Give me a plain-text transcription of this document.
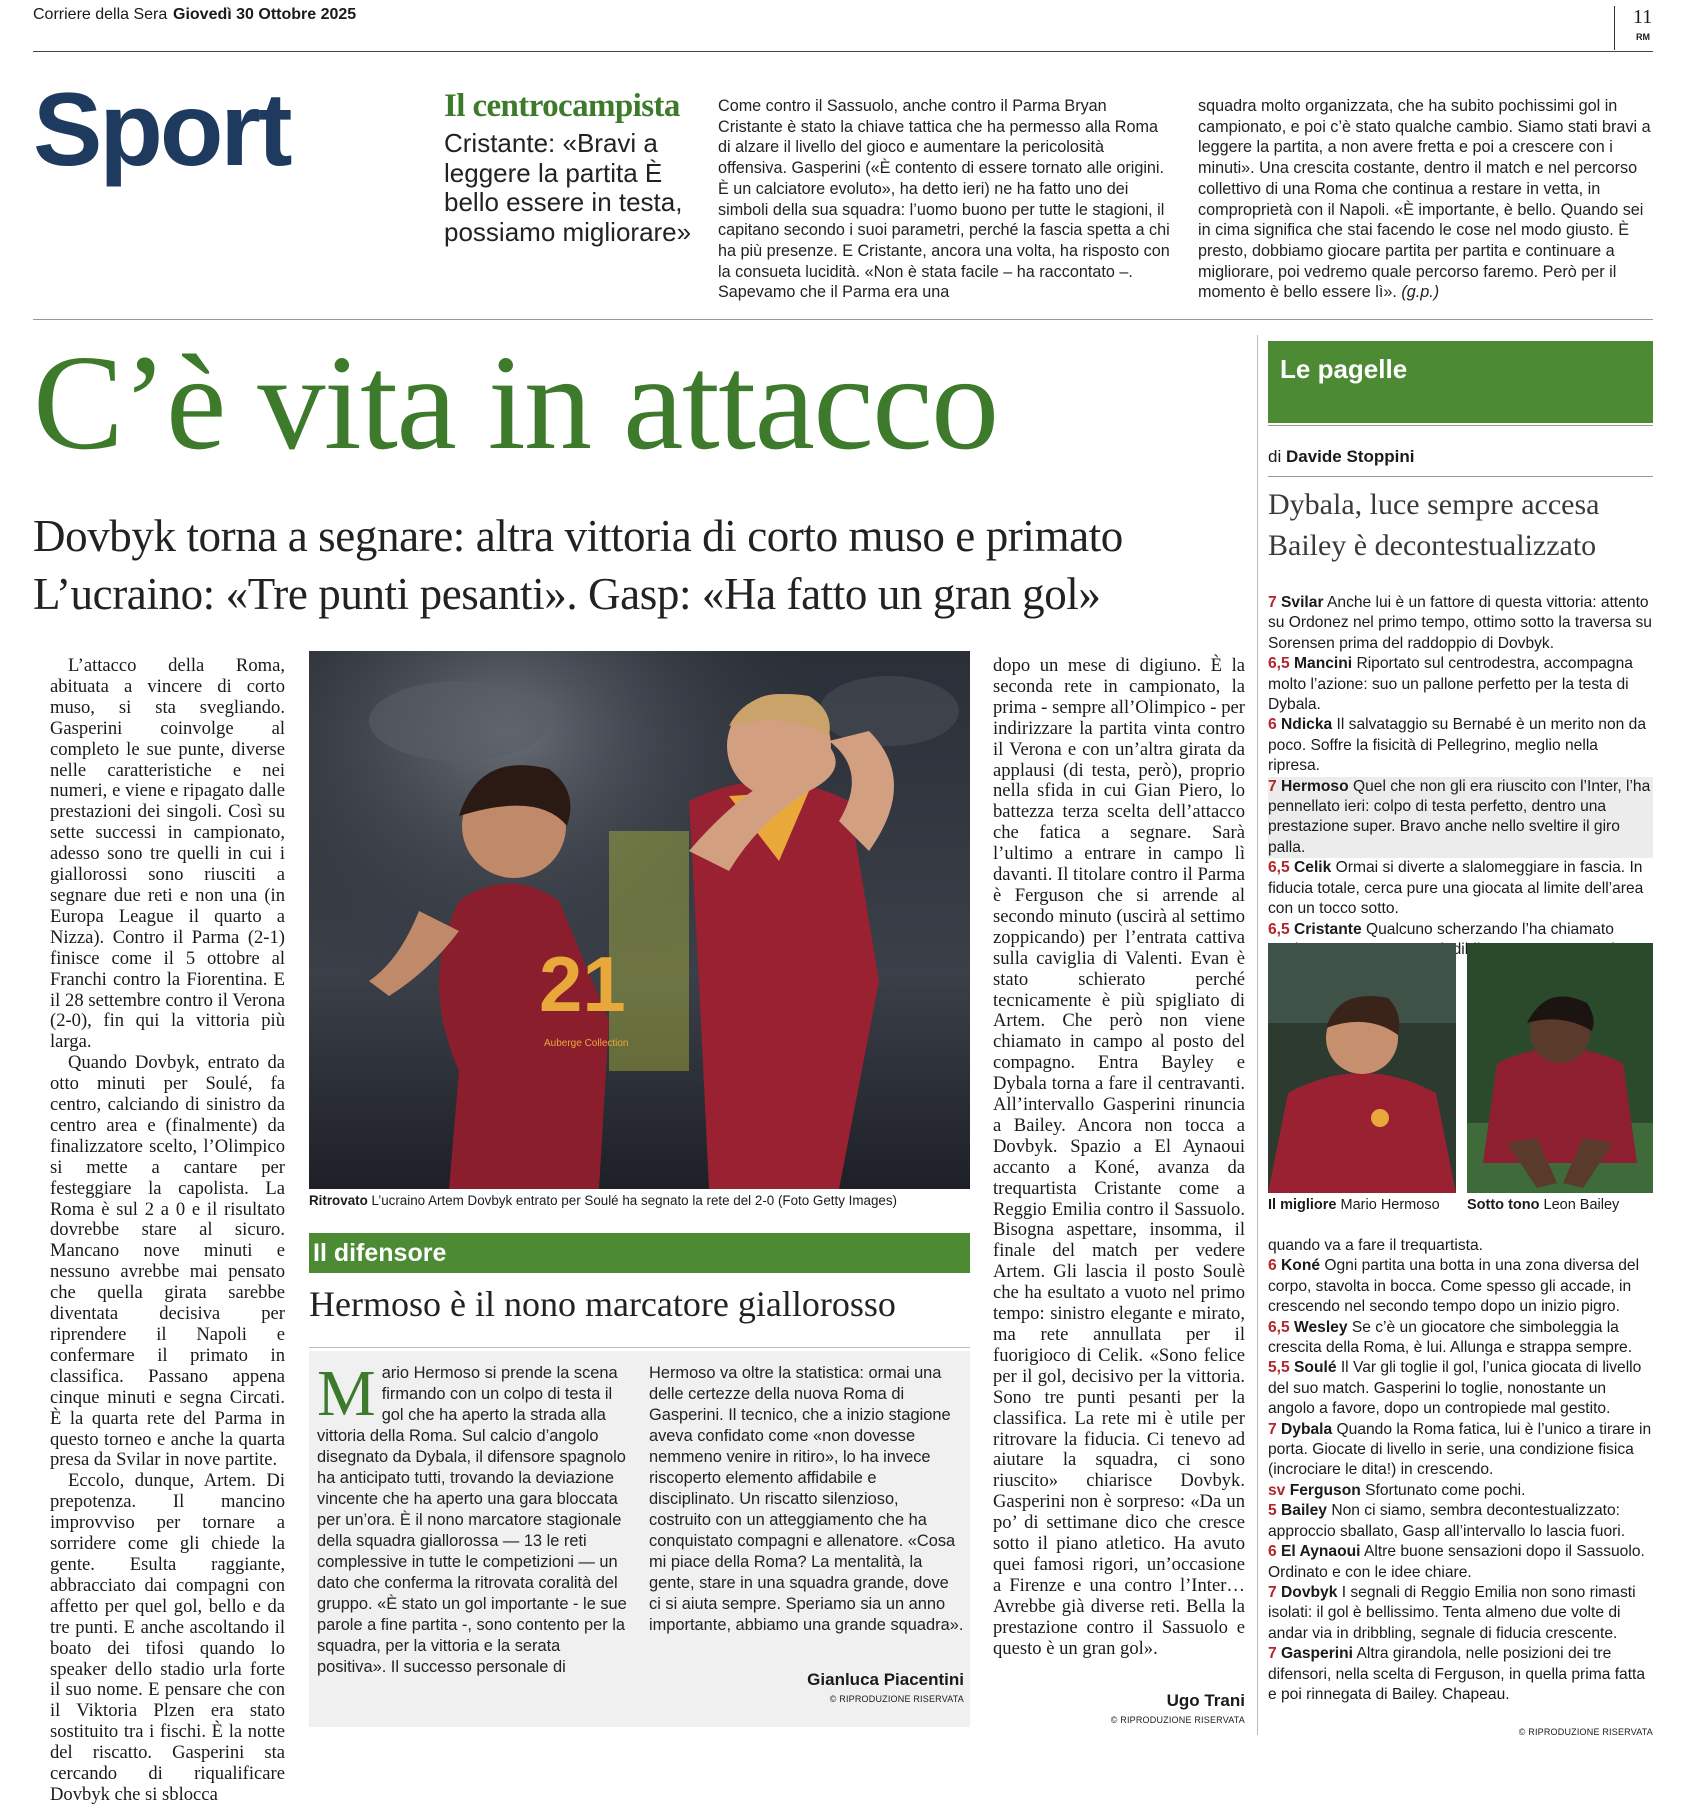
Corriere della Sera Giovedì 30 Ottobre 2025	11
RM
Sport	Il centrocampista
Cristante: «Bravi a leggere la partita È bello essere in testa, possiamo migliorare»
Come contro il Sassuolo, anche contro il Parma Bryan Cristante è stato la chiave tattica che ha permesso alla Roma di alzare il livello del gioco e aumentare la pericolosità offensiva. Gasperini («È contento di essere tornato alle origini. È un calciatore evoluto», ha detto ieri) ne ha fatto uno dei simboli della sua squadra: l’uomo buono per tutte le stagioni, il capitano secondo i suoi parametri, perché la fascia spetta a chi ha più presenze. E Cristante, ancora una volta, ha risposto con la consueta lucidità. «Non è stata facile – ha raccontato –. Sapevamo che il Parma era una
squadra molto organizzata, che ha subito pochissimi gol in campionato, e poi c’è stato qualche cambio. Siamo stati bravi a leggere la partita, a non avere fretta e poi a crescere con i minuti». Una crescita costante, dentro il match e nel percorso collettivo di una Roma che continua a restare in vetta, in comproprietà con il Napoli. «È importante, è bello. Quando sei in cima significa che stai facendo le cose nel modo giusto. È presto, dobbiamo giocare partita per partita e continuare a migliorare, poi vedremo quale percorso faremo. Però per il momento è bello essere lì». (g.p.)
C’è vita in attacco
Dovbyk torna a segnare: altra vittoria di corto muso e primato
L’ucraino: «Tre punti pesanti». Gasp: «Ha fatto un gran gol»

L’attacco della Roma, abituata a vincere di corto muso, si sta svegliando. Gasperini coinvolge al completo le sue punte, diverse nelle caratteristiche e nei numeri, e viene e ripagato dalle prestazioni dei singoli. Così su sette successi in campionato, adesso sono tre quelli in cui i giallorossi sono riusciti a segnare due reti e non una (in Europa League il quarto a Nizza). Contro il Parma (2-1) finisce come il 5 ottobre al Franchi contro la Fiorentina. E il 28 settembre contro il Verona (2-0), fin qui la vittoria più larga.

Quando Dovbyk, entrato da otto minuti per Soulé, fa centro, calciando di sinistro da centro area e (finalmente) da finalizzatore scelto, l’Olimpico si mette a cantare per festeggiare la capolista. La Roma è sul 2 a 0 e il risultato dovrebbe stare al sicuro. Mancano nove minuti e nessuno avrebbe mai pensato che quella girata sarebbe diventata decisiva per riprendere il Napoli e confermare il primato in classifica. Passano appena cinque minuti e segna Circati. È la quarta rete del Parma in questo torneo e anche la quarta presa da Svilar in nove partite.

Eccolo, dunque, Artem. Di prepotenza. Il mancino improvviso per tornare a sorridere come gli chiede la gente. Esulta raggiante, abbracciato dai compagni con affetto per quel gol, bello e da tre punti. E anche ascoltando il boato dei tifosi quando lo speaker dello stadio urla forte il suo nome. E pensare che con il Viktoria Plzen era stato sostituito tra i fischi. È la notte del riscatto. Gasperini sta cercando di riqualificare Dovbyk che si sblocca

21
Auberge Collection
Ritrovato L’ucraino Artem Dovbyk entrato per Soulé ha segnato la rete del 2-0 (Foto Getty Images)
Il difensore
Hermoso è il nono marcatore giallorosso
M ario Hermoso si prende la scena firmando con un colpo di testa il gol che ha aperto la strada alla vittoria della Roma. Sul calcio d’angolo disegnato da Dybala, il difensore spagnolo ha anticipato tutti, trovando la deviazione vincente che ha aperto una gara bloccata per un’ora. È il nono marcatore stagionale della squadra giallorossa — 13 le reti complessive in tutte le competizioni — un dato che conferma la ritrovata coralità del gruppo. «È stato un gol importante - le sue parole a fine partita -, sono contento per la squadra, per la vittoria e la serata positiva». Il successo personale di
Hermoso va oltre la statistica: ormai una delle certezze della nuova Roma di Gasperini. Il tecnico, che a inizio stagione aveva confidato come «non dovesse nemmeno venire in ritiro», lo ha invece riscoperto elemento affidabile e disciplinato. Un riscatto silenzioso, costruito con un atteggiamento che ha conquistato compagni e allenatore. «Cosa mi piace della Roma? La mentalità, la gente, stare in una squadra grande, dove ci si aiuta sempre. Speriamo sia un anno importante, abbiamo una grande squadra».
Gianluca Piacentini
© RIPRODUZIONE RISERVATA

dopo un mese di digiuno. È la seconda rete in campionato, la prima - sempre all’Olimpico - per indirizzare la partita vinta contro il Verona e con un’altra girata da applausi (di testa, però), proprio nella sfida in cui Gian Piero, lo battezza terza scelta dell’attacco che fatica a segnare. Sarà l’ultimo a entrare in campo lì davanti. Il titolare contro il Parma è Ferguson che si arrende al secondo minuto (uscirà al settimo zoppicando) per l’entrata cattiva sulla caviglia di Valenti. Evan è stato schierato perché tecnicamente è più spigliato di Artem. Che però non viene chiamato in campo al posto del compagno. Entra Bayley e Dybala torna a fare il centravanti. All’intervallo Gasperini rinuncia a Bailey. Ancora non tocca a Dovbyk. Spazio a El Aynaoui accanto a Koné, avanza da trequartista Cristante come a Reggio Emilia contro il Sassuolo. Bisogna aspettare, insomma, il finale del match per vedere Artem. Gli lascia il posto Soulè che ha esultato a vuoto nel primo tempo: sinistro elegante e mirato, ma rete annullata per il fuorigioco di Celik. «Sono felice per il gol, decisivo per la vittoria. Sono tre punti pesanti per la classifica. La rete mi è utile per ritrovare la fiducia. Ci tenevo ad aiutare la squadra, ci sono riuscito» chiarisce Dovbyk. Gasperini non è sorpreso: «Da un po’ di settimane dico che cresce sotto il piano atletico. Ha avuto quei famosi rigori, un’occasione a Firenze e una contro l’Inter… Avrebbe già diverse reti. Bella la prestazione contro il Sassuolo e questo è un gran gol».

Ugo Trani
© RIPRODUZIONE RISERVATA
Le pagelle
di Davide Stoppini
Dybala, luce sempre accesa
Bailey è decontestualizzato

7 Svilar Anche lui è un fattore di questa vittoria: attento su Ordonez nel primo tempo, ottimo sotto la traversa su Sorensen prima del raddoppio di Dovbyk.

6,5 Mancini Riportato sul centrodestra, accompagna molto l’azione: suo un pallone perfetto per la testa di Dybala.

6 Ndicka Il salvataggio su Bernabé è un merito non da poco. Soffre la fisicità di Pellegrino, meglio nella ripresa.

7 Hermoso Quel che non gli era riuscito con l’Inter, l’ha pennellato ieri: colpo di testa perfetto, dentro una prestazione super. Bravo anche nello sveltire il giro palla.

6,5 Celik Ormai si diverte a slalomeggiare in fascia. In fiducia totale, cerca pure una giocata al limite dell’area con un tocco sotto.

6,5 Cristante Qualcuno scherzando l’ha chiamato

Il migliore Mario Hermoso Sotto tono Leon Bailey

quando va a fare il trequartista.

6 Koné Ogni partita una botta in una zona diversa del corpo, stavolta in bocca. Come spesso gli accade, in crescendo nel secondo tempo dopo un inizio pigro.

6,5 Wesley Se c’è un giocatore che simboleggia la crescita della Roma, è lui. Allunga e strappa sempre.

5,5 Soulé Il Var gli toglie il gol, l’unica giocata di livello del suo match. Gasperini lo toglie, nonostante un angolo a favore, dopo un contropiede mal gestito.

7 Dybala Quando la Roma fatica, lui è l’unico a tirare in porta. Giocate di livello in serie, una condizione fisica (incrociare le dita!) in crescendo.

sv Ferguson Sfortunato come pochi.

5 Bailey Non ci siamo, sembra decontestualizzato: approccio sballato, Gasp all’intervallo lo lascia fuori.

6 El Aynaoui Altre buone sensazioni dopo il Sassuolo. Ordinato e con le idee chiare.

7 Dovbyk I segnali di Reggio Emilia non sono rimasti isolati: il gol è bellissimo. Tenta almeno due volte di andar via in dribbling, segnale di fiducia crescente.

7 Gasperini Altra girandola, nelle posizioni dei tre difensori, nella scelta di Ferguson, in quella prima fatta e poi rinnegata di Bailey. Chapeau.

© RIPRODUZIONE RISERVATA
